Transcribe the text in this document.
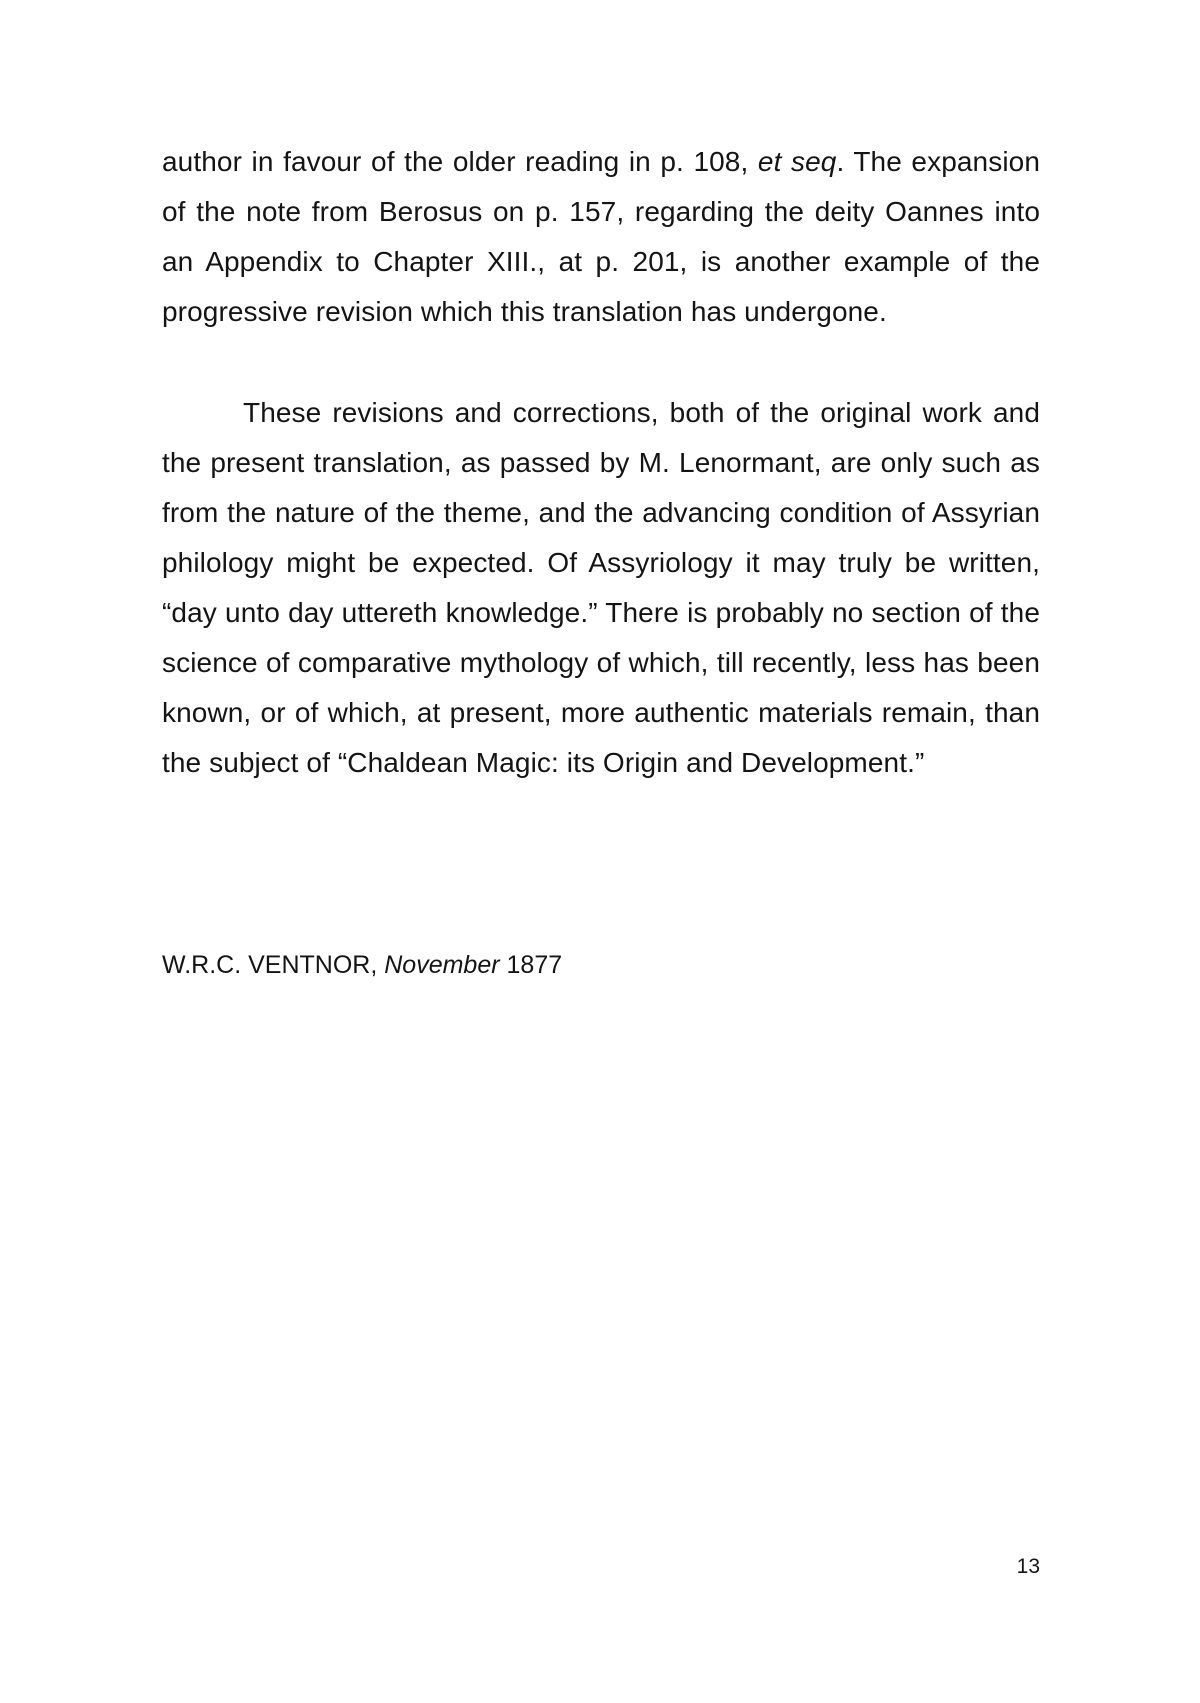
author in favour of the older reading in p. 108, et seq. The expansion of the note from Berosus on p. 157, regarding the deity Oannes into an Appendix to Chapter XIII., at p. 201, is another example of the progressive revision which this translation has undergone.

These revisions and corrections, both of the original work and the present translation, as passed by M. Lenormant, are only such as from the nature of the theme, and the advancing condition of Assyrian philology might be expected. Of Assyriology it may truly be written, “day unto day uttereth knowledge.” There is probably no section of the science of comparative mythology of which, till recently, less has been known, or of which, at present, more authentic materials remain, than the subject of “Chaldean Magic: its Origin and Development.”

W.R.C. VENTNOR, November 1877
13
